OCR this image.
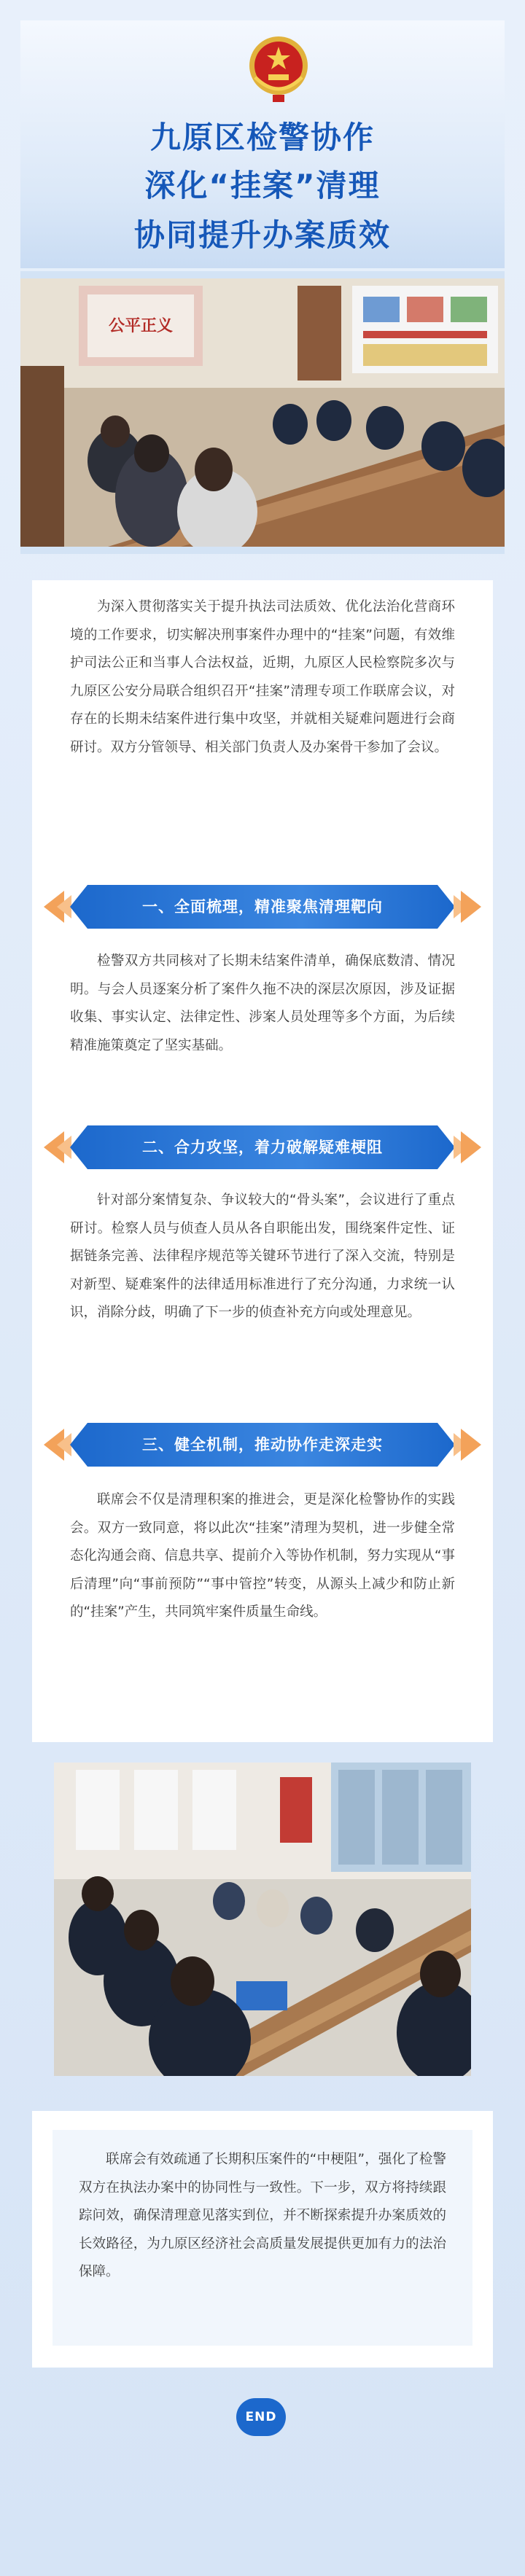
九原区检警协作
深化“挂案”清理
协同提升办案质效
公平正义

为深入贯彻落实关于提升执法司法质效、优化法治化营商环境的工作要求，切实解决刑事案件办理中的“挂案”问题，有效维护司法公正和当事人合法权益，近期，九原区人民检察院多次与九原区公安分局联合组织召开“挂案”清理专项工作联席会议，对存在的长期未结案件进行集中攻坚，并就相关疑难问题进行会商研讨。双方分管领导、相关部门负责人及办案骨干参加了会议。

一、全面梳理，精准聚焦清理靶向

检警双方共同核对了长期未结案件清单，确保底数清、情况明。与会人员逐案分析了案件久拖不决的深层次原因，涉及证据收集、事实认定、法律定性、涉案人员处理等多个方面，为后续精准施策奠定了坚实基础。

二、合力攻坚，着力破解疑难梗阻

针对部分案情复杂、争议较大的“骨头案”，会议进行了重点研讨。检察人员与侦查人员从各自职能出发，围绕案件定性、证据链条完善、法律程序规范等关键环节进行了深入交流，特别是对新型、疑难案件的法律适用标准进行了充分沟通，力求统一认识，消除分歧，明确了下一步的侦查补充方向或处理意见。

三、健全机制，推动协作走深走实

联席会不仅是清理积案的推进会，更是深化检警协作的实践会。双方一致同意，将以此次“挂案”清理为契机，进一步健全常态化沟通会商、信息共享、提前介入等协作机制，努力实现从“事后清理”向“事前预防”“事中管控”转变，从源头上减少和防止新的“挂案”产生，共同筑牢案件质量生命线。

联席会有效疏通了长期积压案件的“中梗阻”，强化了检警双方在执法办案中的协同性与一致性。下一步，双方将持续跟踪问效，确保清理意见落实到位，并不断探索提升办案质效的长效路径，为九原区经济社会高质量发展提供更加有力的法治保障。

END
